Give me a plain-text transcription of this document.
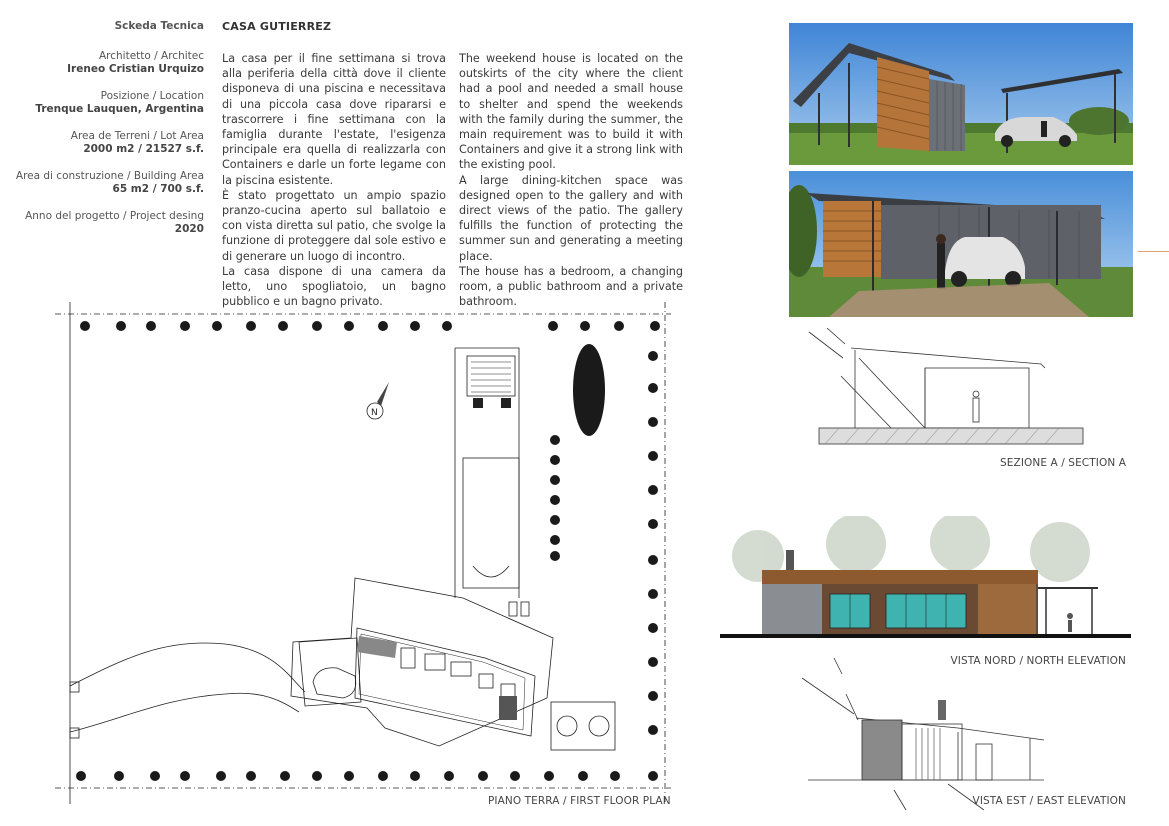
Sckeda Tecnica
Architetto / Architec
Ireneo Cristian Urquizo
Posizione / Location
Trenque Lauquen, Argentina
Area de Terreni / Lot Area
2000 m2 / 21527 s.f.
Area di construzione / Building Area
65 m2 / 700 s.f.
Anno del progetto / Project desing
2020
CASA GUTIERREZ

La casa per il fine settimana si trova alla periferia della città dove il cliente disponeva di una piscina e necessitava di una piccola casa dove ripararsi e trascorrere i fine settimana con la famiglia durante l'estate, l'esigenza principale era quella di realizzarla con Containers e darle un forte legame con la piscina esistente.

È stato progettato un ampio spazio pranzo-cucina aperto sul ballatoio e con vista diretta sul patio, che svolge la funzione di proteggere dal sole estivo e di generare un luogo di incontro.

La casa dispone di una camera da letto, uno spogliatoio, un bagno pubblico e un bagno privato.

The weekend house is located on the outskirts of the city where the client had a pool and needed a small house to shelter and spend the weekends with the family during the summer, the main requirement was to build it with Containers and give it a strong link with the existing pool.

A large dining-kitchen space was designed open to the gallery and with direct views of the patio. The gallery fulfills the function of protecting the summer sun and generating a meeting place.

The house has a bedroom, a changing room, a public bathroom and a private bathroom.

N
PIANO TERRA / FIRST FLOOR PLAN
SEZIONE A / SECTION A
VISTA NORD / NORTH ELEVATION
VISTA EST / EAST ELEVATION
